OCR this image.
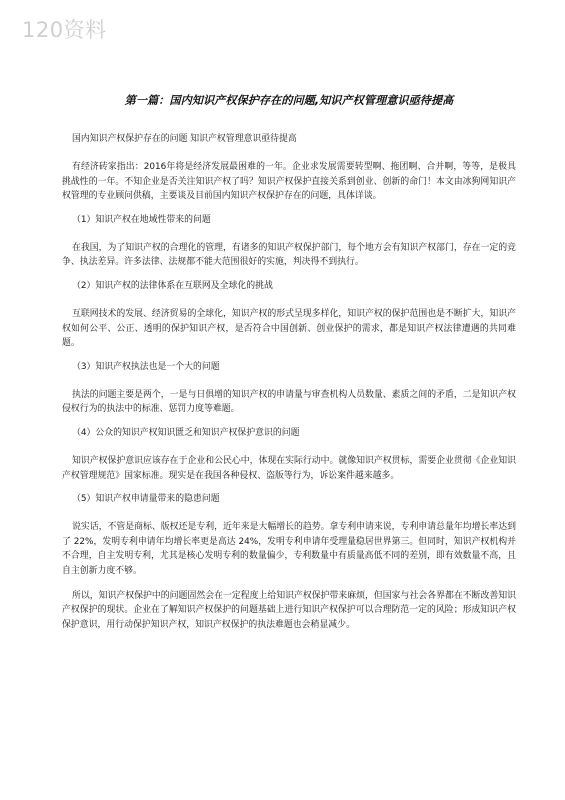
120资料
第一篇：国内知识产权保护存在的问题,知识产权管理意识亟待提高
国内知识产权保护存在的问题 知识产权管理意识亟待提高

有经济砖家指出：2016年将是经济发展最困难的一年。企业求发展需要转型啊、拖团啊、合并啊，等等，是极具挑战性的一年。不知企业是否关注知识产权了吗？知识产权保护直接关系到创业、创新的命门！本文由冰狗网知识产权管理的专业顾问供稿，主要谈及目前国内知识产权保护存在的问题，具体详谈。

（1）知识产权在地域性带来的问题

在我国，为了知识产权的合理化的管理，有诸多的知识产权保护部门，每个地方会有知识产权部门，存在一定的竞争、执法差异。许多法律、法规都不能大范围很好的实施，判决得不到执行。

（2）知识产权的法律体系在互联网及全球化的挑战

互联网技术的发展、经济贸易的全球化，知识产权的形式呈现多样化，知识产权的保护范围也是不断扩大，知识产权如何公平、公正、透明的保护知识产权，是否符合中国创新、创业保护的需求，都是知识产权法律遭遇的共同难题。

（3）知识产权执法也是一个大的问题

执法的问题主要是两个，一是与日俱增的知识产权的申请量与审查机构人员数量、素质之间的矛盾，二是知识产权侵权行为的执法中的标准、惩罚力度等难题。

（4）公众的知识产权知识匮乏和知识产权保护意识的问题

知识产权保护意识应该存在于企业和公民心中，体现在实际行动中。就像知识产权贯标，需要企业贯彻《企业知识产权管理规范》国家标准。现实是在我国各种侵权、盗版等行为，诉讼案件越来越多。

（5）知识产权申请量带来的隐患问题

说实话，不管是商标、版权还是专利，近年来是大幅增长的趋势。拿专利申请来说，专利申请总量年均增长率达到了 22%，发明专利申请年均增长率更是高达 24%，发明专利申请年受理量稳居世界第三。但同时，知识产权机构并不合理，自主发明专利，尤其是核心发明专利的数量偏少，专利数量中有质量高低不同的差别，即有效数量不高，且自主创新力度不够。

所以，知识产权保护中的问题固然会在一定程度上给知识产权保护带来麻烦，但国家与社会各界都在不断改善知识产权保护的现状。企业在了解知识产权保护的问题基础上进行知识产权保护可以合理防范一定的风险；形成知识产权保护意识，用行动保护知识产权，知识产权保护的执法难题也会稍显减少。
